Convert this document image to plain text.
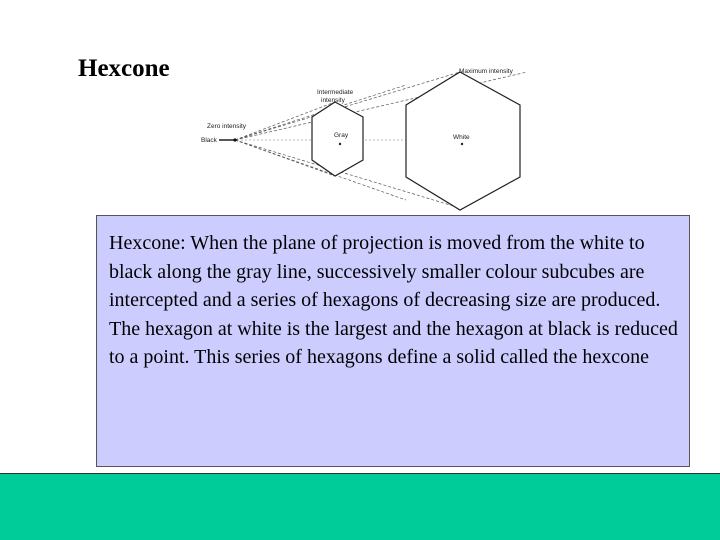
Hexcone	Maximum intensity
Intermediate
intensity
Zero intensity
Black
Gray	White

Hexcone: When the plane of projection is moved from the white to black along the gray line, successively smaller colour subcubes are intercepted and a series of hexagons of decreasing size are produced. The hexagon at white is the largest and the hexagon at black is reduced to a point. This series of hexagons define a solid called the hexcone
